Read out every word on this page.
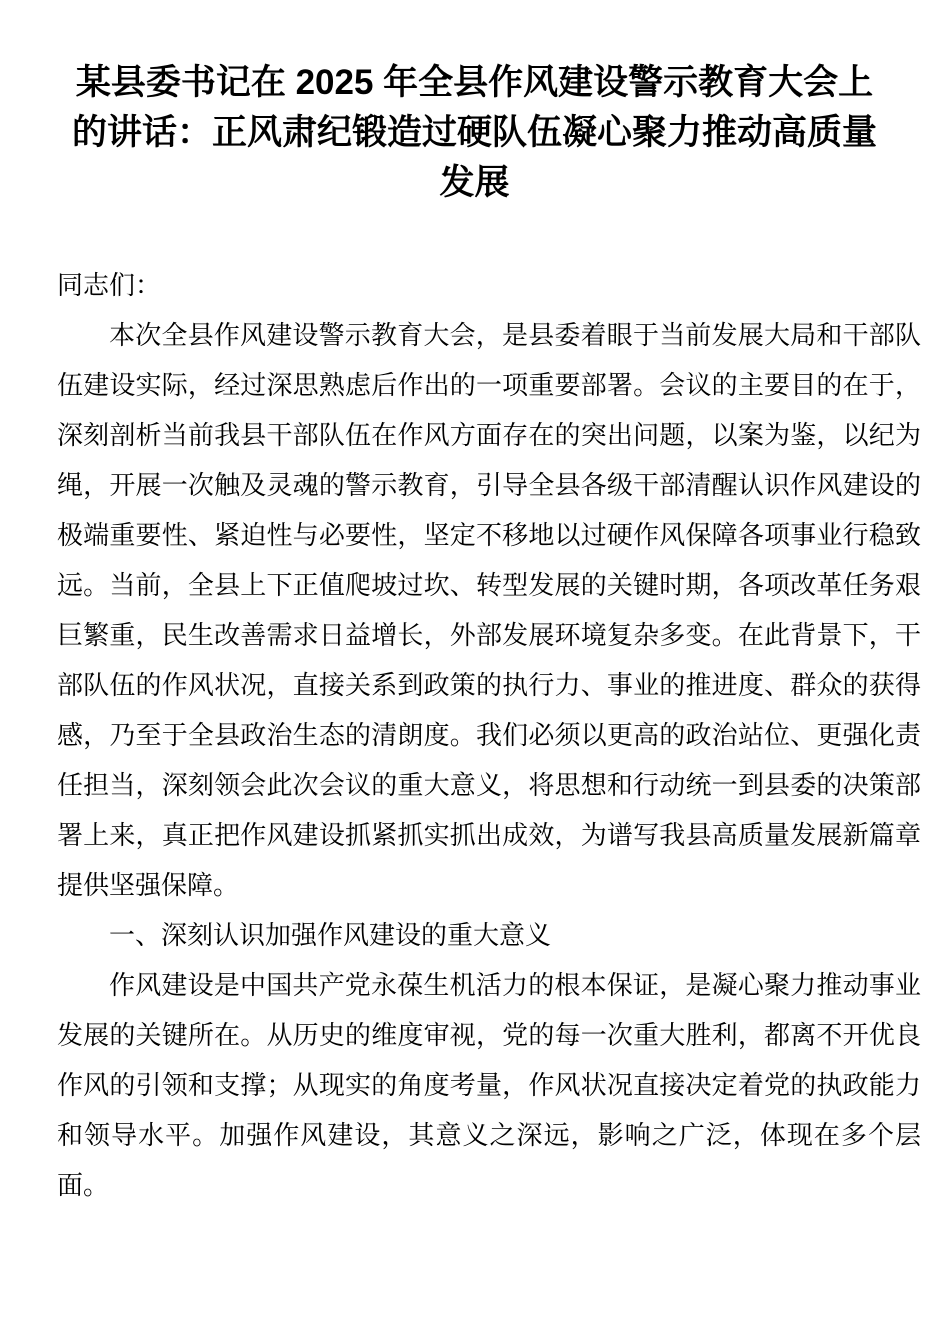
某县委书记在 2025 年全县作风建设警示教育大会上的讲话：正风肃纪锻造过硬队伍凝心聚力推动高质量发展

同志们：

本次全县作风建设警示教育大会，是县委着眼于当前发展大局和干部队伍建设实际，经过深思熟虑后作出的一项重要部署。会议的主要目的在于，深刻剖析当前我县干部队伍在作风方面存在的突出问题，以案为鉴，以纪为绳，开展一次触及灵魂的警示教育，引导全县各级干部清醒认识作风建设的极端重要性、紧迫性与必要性，坚定不移地以过硬作风保障各项事业行稳致远。当前，全县上下正值爬坡过坎、转型发展的关键时期，各项改革任务艰巨繁重，民生改善需求日益增长，外部发展环境复杂多变。在此背景下，干部队伍的作风状况，直接关系到政策的执行力、事业的推进度、群众的获得感，乃至于全县政治生态的清朗度。我们必须以更高的政治站位、更强化责任担当，深刻领会此次会议的重大意义，将思想和行动统一到县委的决策部署上来，真正把作风建设抓紧抓实抓出成效，为谱写我县高质量发展新篇章提供坚强保障。

一、深刻认识加强作风建设的重大意义

作风建设是中国共产党永葆生机活力的根本保证，是凝心聚力推动事业发展的关键所在。从历史的维度审视，党的每一次重大胜利，都离不开优良作风的引领和支撑；从现实的角度考量，作风状况直接决定着党的执政能力和领导水平。加强作风建设，其意义之深远，影响之广泛，体现在多个层面。
